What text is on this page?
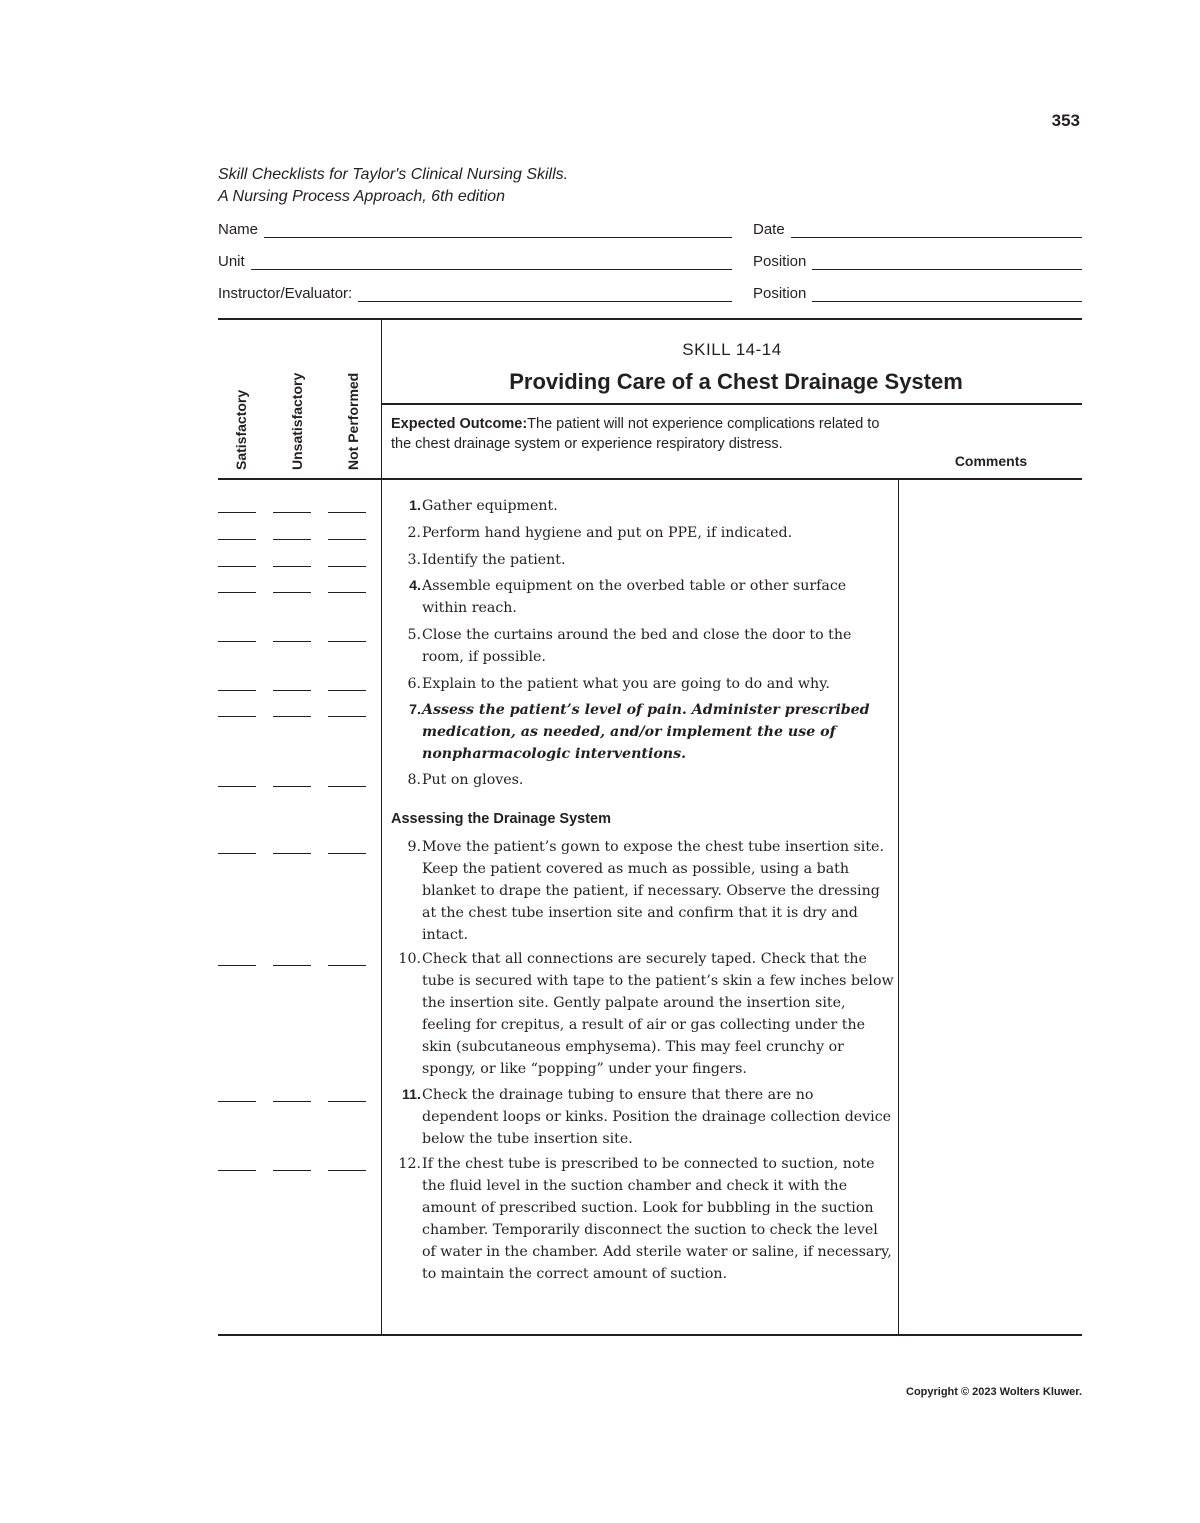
353
Skill Checklists for Taylor's Clinical Nursing Skills.
A Nursing Process Approach, 6th edition
Name	Date
Unit	Position
Instructor/Evaluator:	Position
Satisfactory	Unsatisfactory	Not Performed
SKILL 14-14
Providing Care of a Chest Drainage System
Expected Outcome:The patient will not experience complications related to the chest drainage system or experience respiratory distress.
Comments
1. Gather equipment.
2. Perform hand hygiene and put on PPE, if indicated.
3. Identify the patient.
4. Assemble equipment on the overbed table or other surface within reach.
5. Close the curtains around the bed and close the door to the room, if possible.
6. Explain to the patient what you are going to do and why.
7. Assess the patient’s level of pain. Administer prescribed medication, as needed, and/or implement the use of nonpharmacologic interventions.
8. Put on gloves.
Assessing the Drainage System
9. Move the patient’s gown to expose the chest tube insertion site. Keep the patient covered as much as possible, using a bath blanket to drape the patient, if necessary. Observe the dressing at the chest tube insertion site and confirm that it is dry and intact.
10. Check that all connections are securely taped. Check that the tube is secured with tape to the patient’s skin a few inches below the insertion site. Gently palpate around the insertion site, feeling for crepitus, a result of air or gas collecting under the skin (subcutaneous emphysema). This may feel crunchy or spongy, or like “popping” under your fingers.
11. Check the drainage tubing to ensure that there are no dependent loops or kinks. Position the drainage collection device below the tube insertion site.
12. If the chest tube is prescribed to be connected to suction, note the fluid level in the suction chamber and check it with the amount of prescribed suction. Look for bubbling in the suction chamber. Temporarily disconnect the suction to check the level of water in the chamber. Add sterile water or saline, if necessary, to maintain the correct amount of suction.
Copyright © 2023 Wolters Kluwer.
